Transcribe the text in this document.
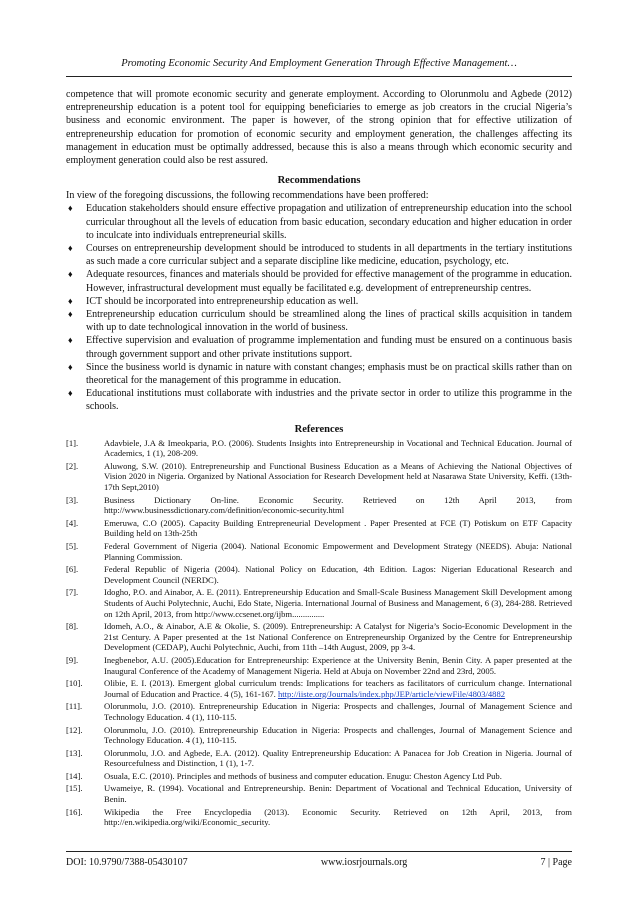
Promoting Economic Security And Employment Generation Through Effective Management…

competence that will promote economic security and generate employment. According to Olorunmolu and Agbede (2012) entrepreneurship education is a potent tool for equipping beneficiaries to emerge as job creators in the crucial Nigeria’s business and economic environment. The paper is however, of the strong opinion that for effective utilization of entrepreneurship education for promotion of economic security and employment generation, the challenges affecting its management in education must be optimally addressed, because this is also a means through which economic security and employment generation could also be rest assured.

Recommendations

In view of the foregoing discussions, the following recommendations have been proffered:

♦ Education stakeholders should ensure effective propagation and utilization of entrepreneurship education into the school curricular throughout all the levels of education from basic education, secondary education and higher education in order to inculcate into individuals entrepreneurial skills.
♦ Courses on entrepreneurship development should be introduced to students in all departments in the tertiary institutions as such made a core curricular subject and a separate discipline like medicine, education, psychology, etc.
♦ Adequate resources, finances and materials should be provided for effective management of the programme in education. However, infrastructural development must equally be facilitated e.g. development of entrepreneurship centres.
♦ ICT should be incorporated into entrepreneurship education as well.
♦ Entrepreneurship education curriculum should be streamlined along the lines of practical skills acquisition in tandem with up to date technological innovation in the world of business.
♦ Effective supervision and evaluation of programme implementation and funding must be ensured on a continuous basis through government support and other private institutions support.
♦ Since the business world is dynamic in nature with constant changes; emphasis must be on practical skills rather than on theoretical for the management of this programme in education.
♦ Educational institutions must collaborate with industries and the private sector in order to utilize this programme in the schools.
References
[1].	Adavbiele, J.A & Imeokparia, P.O. (2006). Students Insights into Entrepreneurship in Vocational and Technical Education. Journal of Academics, 1 (1), 208-209.
[2].	Aluwong, S.W. (2010). Entrepreneurship and Functional Business Education as a Means of Achieving the National Objectives of Vision 2020 in Nigeria. Organized by National Association for Research Development held at Nasarawa State University, Keffi. (13th-17th Sept,2010)
[3].	Business Dictionary On-line. Economic Security. Retrieved on 12th April 2013, from http://www.businessdictionary.com/definition/economic-security.html
[4].	Emeruwa, C.O (2005). Capacity Building Entrepreneurial Development . Paper Presented at FCE (T) Potiskum on ETF Capacity Building held on 13th-25th
[5].	Federal Government of Nigeria (2004). National Economic Empowerment and Development Strategy (NEEDS). Abuja: National Planning Commission.
[6].	Federal Republic of Nigeria (2004). National Policy on Education, 4th Edition. Lagos: Nigerian Educational Research and Development Council (NERDC).
[7].	Idogho, P.O. and Ainabor, A. E. (2011). Entrepreneurship Education and Small-Scale Business Management Skill Development among Students of Auchi Polytechnic, Auchi, Edo State, Nigeria. International Journal of Business and Management, 6 (3), 284-288. Retrieved on 12th April, 2013, from http://www.ccsenet.org/ijbm...............
[8].	Idomeh, A.O., & Ainabor, A.E & Okolie, S. (2009). Entrepreneurship: A Catalyst for Nigeria’s Socio-Economic Development in the 21st Century. A Paper presented at the 1st National Conference on Entrepreneurship Organized by the Centre for Entrepreneurship Development (CEDAP), Auchi Polytechnic, Auchi, from 11th –14th August, 2009, pp 3-4.
[9].	Inegbenebor, A.U. (2005).Education for Entrepreneurship: Experience at the University Benin, Benin City. A paper presented at the Inaugural Conference of the Academy of Management Nigeria. Held at Abuja on November 22nd and 23rd, 2005.
[10].	Olibie, E. I. (2013). Emergent global curriculum trends: Implications for teachers as facilitators of curriculum change. International Journal of Education and Practice. 4 (5), 161-167. http://iiste.org/Journals/index.php/JEP/article/viewFile/4803/4882
[11].	Olorunmolu, J.O. (2010). Entrepreneurship Education in Nigeria: Prospects and challenges, Journal of Management Science and Technology Education. 4 (1), 110-115.
[12].	Olorunmolu, J.O. (2010). Entrepreneurship Education in Nigeria: Prospects and challenges, Journal of Management Science and Technology Education. 4 (1), 110-115.
[13].	Olorunmolu, J.O. and Agbede, E.A. (2012). Quality Entrepreneurship Education: A Panacea for Job Creation in Nigeria. Journal of Resourcefulness and Distinction, 1 (1), 1-7.
[14].	Osuala, E.C. (2010). Principles and methods of business and computer education. Enugu: Cheston Agency Ltd Pub.
[15].	Uwameiye, R. (1994). Vocational and Entrepreneurship. Benin: Department of Vocational and Technical Education, University of Benin.
[16].	Wikipedia the Free Encyclopedia (2013). Economic Security. Retrieved on 12th April, 2013, from http://en.wikipedia.org/wiki/Economic_security.
DOI: 10.9790/7388-05430107	www.iosrjournals.org	7 | Page
